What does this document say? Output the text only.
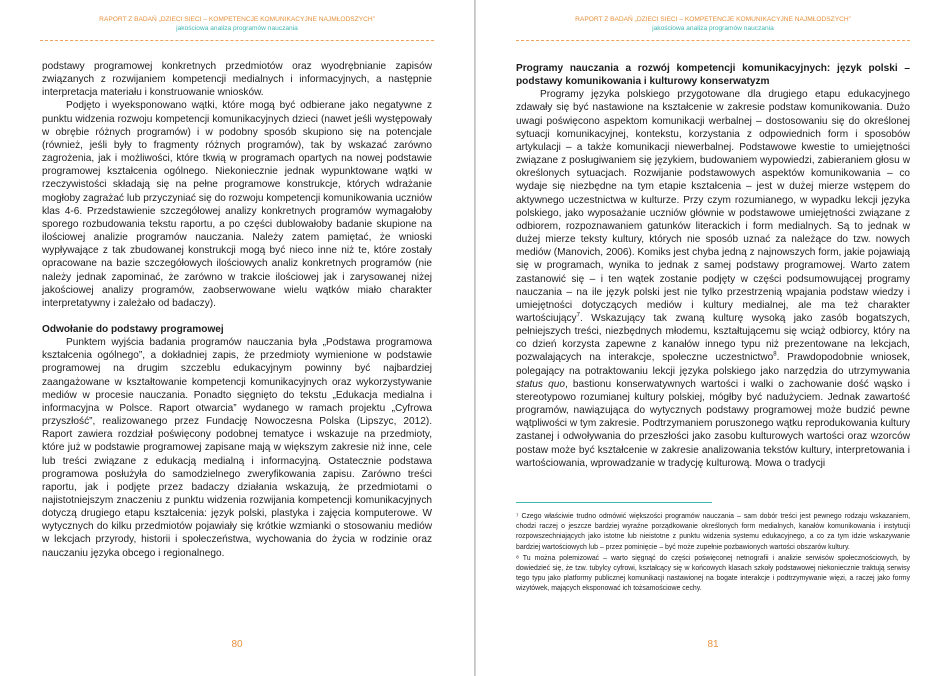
RAPORT Z BADAŃ „DZIECI SIECI – KOMPETENCJE KOMUNIKACYJNE NAJMŁODSZYCH”
jakościowa analiza programów nauczania

podstawy programowej konkretnych przedmiotów oraz wyodrębnianie zapisów związanych z rozwijaniem kompetencji medialnych i informacyjnych, a następnie interpretacja materiału i konstruowanie wniosków.

Podjęto i wyeksponowano wątki, które mogą być odbierane jako negatywne z punktu widzenia rozwoju kompetencji komunikacyjnych dzieci (nawet jeśli występowały w obrębie różnych programów) i w podobny sposób skupiono się na potencjale (również, jeśli były to fragmenty różnych programów), tak by wskazać zarówno zagrożenia, jak i możliwości, które tkwią w programach opartych na nowej podstawie programowej kształcenia ogólnego. Niekoniecznie jednak wypunktowane wątki w rzeczywistości składają się na pełne programowe konstrukcje, których wdrażanie mogłoby zagrażać lub przyczyniać się do rozwoju kompetencji komunikowania uczniów klas 4-6. Przedstawienie szczegółowej analizy konkretnych programów wymagałoby sporego rozbudowania tekstu raportu, a po części dublowałoby badanie skupione na ilościowej analizie programów nauczania. Należy zatem pamiętać, że wnioski wypływające z tak zbudowanej konstrukcji mogą być nieco inne niż te, które zostały opracowane na bazie szczegółowych ilościowych analiz konkretnych programów (nie należy jednak zapominać, że zarówno w trakcie ilościowej jak i zarysowanej niżej jakościowej analizy programów, zaobserwowane wielu wątków miało charakter interpretatywny i zależało od badaczy).

Odwołanie do podstawy programowej

Punktem wyjścia badania programów nauczania była „Podstawa programowa kształcenia ogólnego”, a dokładniej zapis, że przedmioty wymienione w podstawie programowej na drugim szczeblu edukacyjnym powinny być najbardziej zaangażowane w kształtowanie kompetencji komunikacyjnych oraz wykorzystywanie mediów w procesie nauczania. Ponadto sięgnięto do tekstu „Edukacja medialna i informacyjna w Polsce. Raport otwarcia” wydanego w ramach projektu „Cyfrowa przyszłość”, realizowanego przez Fundację Nowoczesna Polska (Lipszyc, 2012). Raport zawiera rozdział poświęcony podobnej tematyce i wskazuje na przedmioty, które już w podstawie programowej zapisane mają w większym zakresie niż inne, cele lub treści związane z edukacją medialną i informacyjną. Ostatecznie podstawa programowa posłużyła do samodzielnego zweryfikowania zapisu. Zarówno treści raportu, jak i podjęte przez badaczy działania wskazują, że przedmiotami o najistotniejszym znaczeniu z punktu widzenia rozwijania kompetencji komunikacyjnych dotyczą drugiego etapu kształcenia: język polski, plastyka i zajęcia komputerowe. W wytycznych do kilku przedmiotów pojawiały się krótkie wzmianki o stosowaniu mediów w lekcjach przyrody, historii i społeczeństwa, wychowania do życia w rodzinie oraz nauczaniu języka obcego i regionalnego.

80
RAPORT Z BADAŃ „DZIECI SIECI – KOMPETENCJE KOMUNIKACYJNE NAJMŁODSZYCH”
jakościowa analiza programów nauczania
Programy nauczania a rozwój kompetencji komunikacyjnych: język polski – podstawy komunikowania i kulturowy konserwatyzm

Programy języka polskiego przygotowane dla drugiego etapu edukacyjnego zdawały się być nastawione na kształcenie w zakresie podstaw komunikowania. Dużo uwagi poświęcono aspektom komunikacji werbalnej – dostosowaniu się do określonej sytuacji komunikacyjnej, kontekstu, korzystania z odpowiednich form i sposobów artykulacji – a także komunikacji niewerbalnej. Podstawowe kwestie to umiejętności związane z posługiwaniem się językiem, budowaniem wypowiedzi, zabieraniem głosu w określonych sytuacjach. Rozwijanie podstawowych aspektów komunikowania – co wydaje się niezbędne na tym etapie kształcenia – jest w dużej mierze wstępem do aktywnego uczestnictwa w kulturze. Przy czym rozumianego, w wypadku lekcji języka polskiego, jako wyposażanie uczniów głównie w podstawowe umiejętności związane z odbiorem, rozpoznawaniem gatunków literackich i form medialnych. Są to jednak w dużej mierze teksty kultury, których nie sposób uznać za należące do tzw. nowych mediów (Manovich, 2006). Komiks jest chyba jedną z najnowszych form, jakie pojawiają się w programach, wynika to jednak z samej podstawy programowej. Warto zatem zastanowić się – i ten wątek zostanie podjęty w części podsumowującej programy nauczania – na ile język polski jest nie tylko przestrzenią wpajania podstaw wiedzy i umiejętności dotyczących mediów i kultury medialnej, ale ma też charakter wartościujący$^7$. Wskazujący tak zwaną kulturę wysoką jako zasób bogatszych, pełniejszych treści, niezbędnych młodemu, kształtującemu się wciąż odbiorcy, który na co dzień korzysta zapewne z kanałów innego typu niż prezentowane na lekcjach, pozwalających na interakcje, społeczne uczestnictwo$^8$. Prawdopodobnie wniosek, polegający na potraktowaniu lekcji języka polskiego jako narzędzia do utrzymywania status quo, bastionu konserwatywnych wartości i walki o zachowanie dość wąsko i stereotypowo rozumianej kultury polskiej, mógłby być nadużyciem. Jednak zawartość programów, nawiązująca do wytycznych podstawy programowej może budzić pewne wątpliwości w tym zakresie. Podtrzymaniem poruszonego wątku reprodukowania kultury zastanej i odwoływania do przeszłości jako zasobu kulturowych wartości oraz wzorców postaw może być kształcenie w zakresie analizowania tekstów kultury, interpretowania i wartościowania, wprowadzanie w tradycję kulturową. Mowa o tradycji

⁷ Czego właściwie trudno odmówić większości programów nauczania – sam dobór treści jest pewnego rodzaju wskazaniem, chodzi raczej o jeszcze bardziej wyraźne porządkowanie określonych form medialnych, kanałów komunikowania i instytucji rozpowszechniających jako istotne lub nieistotne z punktu widzenia systemu edukacyjnego, a co za tym idzie wskazywanie bardziej wartościowych lub – przez pominięcie – być może zupełnie pozbawionych wartości obszarów kultury.

⁸ Tu można polemizować – warto sięgnąć do części poświęconej netnografii i analizie serwisów społecznościowych, by dowiedzieć się, że tzw. tubylcy cyfrowi, kształcący się w końcowych klasach szkoły podstawowej niekoniecznie traktują serwisy tego typu jako platformy publicznej komunikacji nastawionej na bogate interakcje i podtrzymywanie więzi, a raczej jako formy wizytówek, mających eksponować ich tożsamościowe cechy.

81
